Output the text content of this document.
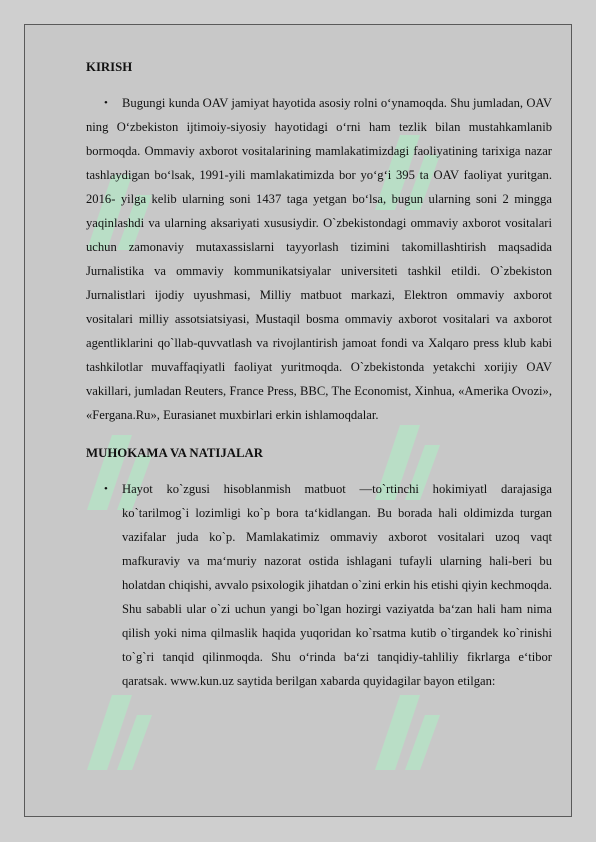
KIRISH
•	Bugungi kunda OAV jamiyat hayotida asosiy rolni oʻynamoqda. Shu jumladan, OAV ning Oʻzbekiston ijtimoiy-siyosiy hayotidagi oʻrni ham tezlik bilan mustahkamlanib bormoqda. Ommaviy axborot vositalarining mamlakatimizdagi faoliyatining tarixiga nazar tashlaydigan boʻlsak, 1991-yili mamlakatimizda bor yoʻgʻi 395 ta OAV faoliyat yuritgan. 2016- yilga kelib ularning soni 1437 taga yetgan boʻlsa, bugun ularning soni 2 mingga yaqinlashdi va ularning aksariyati xususiydir. O`zbekistondagi ommaviy axborot vositalari uchun zamonaviy mutaxassislarni tayyorlash tizimini takomillashtirish maqsadida Jurnalistika va ommaviy kommunikatsiyalar universiteti tashkil etildi. O`zbekiston Jurnalistlari ijodiy uyushmasi, Milliy matbuot markazi, Elektron ommaviy axborot vositalari milliy assotsiatsiyasi, Mustaqil bosma ommaviy axborot vositalari va axborot agentliklarini qo`llab-quvvatlash va rivojlantirish jamoat fondi va Xalqaro press klub kabi tashkilotlar muvaffaqiyatli faoliyat yuritmoqda. O`zbekistonda yetakchi xorijiy OAV vakillari, jumladan Reuters, France Press, BBC, The Economist, Xinhua, «Amerika Ovozi», «Fergana.Ru», Eurasianet muxbirlari erkin ishlamoqdalar.

MUHOKAMA VA NATIJALAR
• Hayot ko`zgusi hisoblanmish matbuot —to`rtinchi hokimiyatl darajasiga ko`tarilmog`i lozimligi ko`p bora ta‘kidlangan. Bu borada hali oldimizda turgan vazifalar juda ko`p. Mamlakatimiz ommaviy axborot vositalari uzoq vaqt mafkuraviy va ma‘muriy nazorat ostida ishlagani tufayli ularning hali-beri bu holatdan chiqishi, avvalo psixologik jihatdan o`zini erkin his etishi qiyin kechmoqda. Shu sababli ular o`zi uchun yangi bo`lgan hozirgi vaziyatda ba‘zan hali ham nima qilish yoki nima qilmaslik haqida yuqoridan ko`rsatma kutib o`tirgandek ko`rinishi to`g`ri tanqid qilinmoqda. Shu o‘rinda ba‘zi tanqidiy-tahliliy fikrlarga e‘tibor qaratsak. www.kun.uz saytida berilgan xabarda quyidagilar bayon etilgan:
